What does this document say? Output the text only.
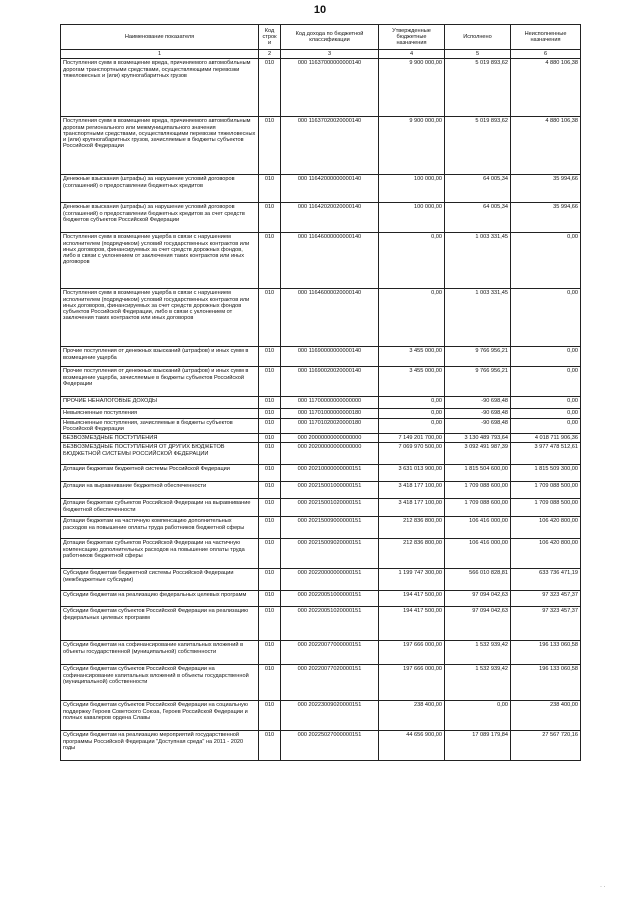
10
Наименование показателя	Код строки	Код дохода по бюджетной классификации	Утвержденные бюджетные назначения	Исполнено	Неисполненные назначения
1	2	3	4	5	6
Поступления сумм в возмещение вреда, причиняемого автомобильным дорогам транспортными средствами, осуществляющими перевозки тяжеловесных и (или) крупногабаритных грузов	010	000 11637000000000140	9 900 000,00	5 019 893,62	4 880 106,38
Поступления сумм в возмещение вреда, причиняемого автомобильным дорогам регионального или межмуниципального значения транспортными средствами, осуществляющими перевозки тяжеловесных и (или) крупногабаритных грузов, зачисляемые в бюджеты субъектов Российской Федерации	010	000 11637020020000140	9 900 000,00	5 019 893,62	4 880 106,38
Денежные взыскания (штрафы) за нарушение условий договоров (соглашений) о предоставлении бюджетных кредитов	010	000 11642000000000140	100 000,00	64 005,34	35 994,66
Денежные взыскания (штрафы) за нарушение условий договоров (соглашений) о предоставлении бюджетных кредитов за счет средств бюджетов субъектов Российской Федерации	010	000 11642020020000140	100 000,00	64 005,34	35 994,66
Поступления сумм в возмещение ущерба в связи с нарушением исполнителем (подрядчиком) условий государственных контрактов или иных договоров, финансируемых за счет средств дорожных фондов, либо в связи с уклонением от заключения таких контрактов или иных договоров	010	000 11646000000000140	0,00	1 003 331,45	0,00
Поступления сумм в возмещение ущерба в связи с нарушением исполнителем (подрядчиком) условий государственных контрактов или иных договоров, финансируемых за счет средств дорожных фондов субъектов Российской Федерации, либо в связи с уклонением от заключения таких контрактов или иных договоров	010	000 11646000020000140	0,00	1 003 331,45	0,00
Прочие поступления от денежных взысканий (штрафов) и иных сумм в возмещение ущерба	010	000 11690000000000140	3 455 000,00	9 766 956,21	0,00
Прочие поступления от денежных взысканий (штрафов) и иных сумм в возмещение ущерба, зачисляемые в бюджеты субъектов Российской Федерации	010	000 11690020020000140	3 455 000,00	9 766 956,21	0,00
ПРОЧИЕ НЕНАЛОГОВЫЕ ДОХОДЫ	010	000 11700000000000000	0,00	-90 698,48	0,00
Невыясненные поступления	010	000 11701000000000180	0,00	-90 698,48	0,00
Невыясненные поступления, зачисляемые в бюджеты субъектов Российской Федерации	010	000 11701020020000180	0,00	-90 698,48	0,00
БЕЗВОЗМЕЗДНЫЕ ПОСТУПЛЕНИЯ	010	000 20000000000000000	7 149 201 700,00	3 130 489 793,64	4 018 711 906,36
БЕЗВОЗМЕЗДНЫЕ ПОСТУПЛЕНИЯ ОТ ДРУГИХ БЮДЖЕТОВ БЮДЖЕТНОЙ СИСТЕМЫ РОССИЙСКОЙ ФЕДЕРАЦИИ	010	000 20200000000000000	7 069 970 500,00	3 092 491 987,39	3 977 478 512,61
Дотации бюджетам бюджетной системы Российской Федерации	010	000 20210000000000151	3 631 013 900,00	1 815 504 600,00	1 815 509 300,00
Дотации на выравнивание бюджетной обеспеченности	010	000 20215001000000151	3 418 177 100,00	1 709 088 600,00	1 709 088 500,00
Дотации бюджетам субъектов Российской Федерации на выравнивание бюджетной обеспеченности	010	000 20215001020000151	3 418 177 100,00	1 709 088 600,00	1 709 088 500,00
Дотации бюджетам на частичную компенсацию дополнительных расходов на повышение оплаты труда работников бюджетной сферы	010	000 20215009000000151	212 836 800,00	106 416 000,00	106 420 800,00
Дотации бюджетам субъектов Российской Федерации на частичную компенсацию дополнительных расходов на повышение оплаты труда работников бюджетной сферы	010	000 20215009020000151	212 836 800,00	106 416 000,00	106 420 800,00
Субсидии бюджетам бюджетной системы Российской Федерации (межбюджетные субсидии)	010	000 20220000000000151	1 199 747 300,00	566 010 828,81	633 736 471,19
Субсидии бюджетам на реализацию федеральных целевых программ	010	000 20220051000000151	194 417 500,00	97 094 042,63	97 323 457,37
Субсидии бюджетам субъектов Российской Федерации на реализацию федеральных целевых программ	010	000 20220051020000151	194 417 500,00	97 094 042,63	97 323 457,37
Субсидии бюджетам на софинансирование капитальных вложений в объекты государственной (муниципальной) собственности	010	000 20220077000000151	197 666 000,00	1 532 939,42	196 133 060,58
Субсидии бюджетам субъектов Российской Федерации на софинансирование капитальных вложений в объекты государственной (муниципальной) собственности	010	000 20220077020000151	197 666 000,00	1 532 939,42	196 133 060,58
Субсидии бюджетам субъектов Российской Федерации на социальную поддержку Героев Советского Союза, Героев Российской Федерации и полных кавалеров ордена Славы	010	000 20223009020000151	238 400,00	0,00	238 400,00
Субсидии бюджетам на реализацию мероприятий государственной программы Российской Федерации "Доступная среда" на 2011 - 2020 годы	010	000 20225027000000151	44 656 900,00	17 089 179,84	27 567 720,16
· ·
